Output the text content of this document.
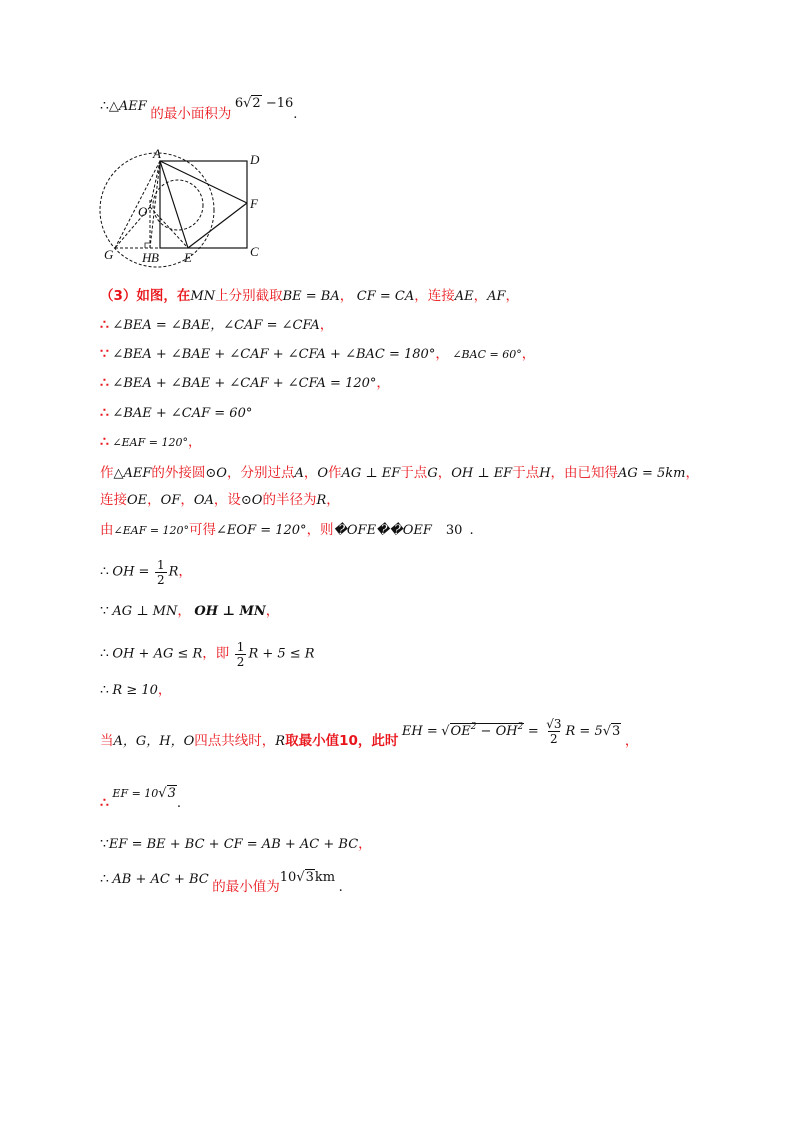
∴△AEF 的最小面积为 6√2 −16.
A	D
O
F
G H B E	C
（3）如图，在MN上分别截取BE = BA， CF = CA，连接AE，AF，
∴ ∠BEA = ∠BAE，∠CAF = ∠CFA，
∵ ∠BEA + ∠BAE + ∠CAF + ∠CFA + ∠BAC = 180°， ∠BAC = 60°，
∴ ∠BEA + ∠BAE + ∠CAF + ∠CFA = 120°，
∴ ∠BAE + ∠CAF = 60°
∴ ∠EAF = 120°，
作△AEF的外接圆⊙O，分别过点A，O作AG ⊥ EF于点G，OH ⊥ EF于点H，由已知得AG = 5km，
连接OE，OF，OA，设⊙O的半径为R，
由∠EAF = 120°可得∠EOF = 120°，则�OFE��OEF 30 .
∴ OH = $\frac{1}{2}$ R，
∵ AG ⊥ MN， OH ⊥ MN，
∴ OH + AG ≤ R，即 $\frac{1}{2}$ R + 5 ≤ R
∴ R ≥ 10，
当A，G，H，O四点共线时，R取最小值10，此时 EH = $√OE^2 - OH^2 = \frac{√3}{2}$ R = 5√3 ，
∴ $^{EF = 10√3}$.
∵EF = BE + BC + CF = AB + AC + BC，
∴ AB + AC + BC 的最小值为10√3km .
